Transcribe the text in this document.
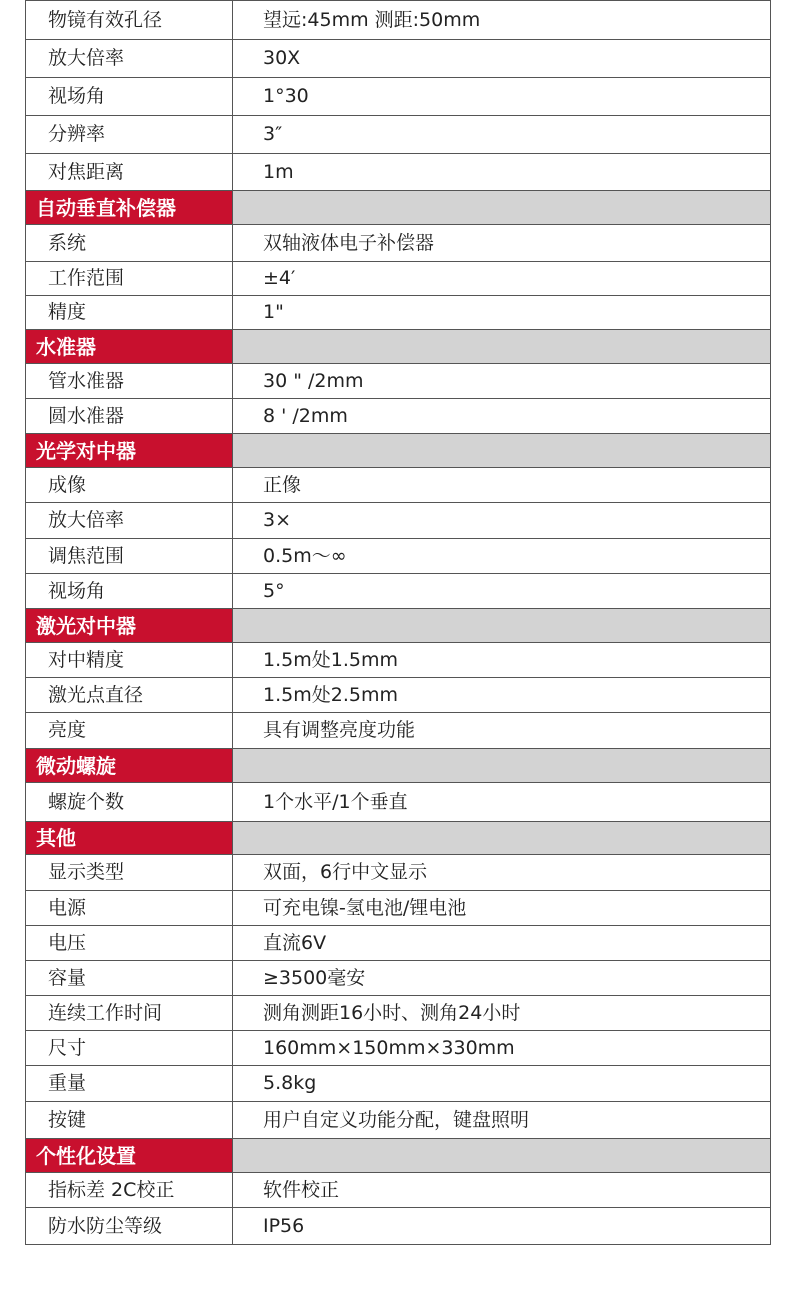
物镜有效孔径	望远:45mm 测距:50mm
放大倍率	30X
视场角	1°30
分辨率	3″
对焦距离	1m
自动垂直补偿器	
系统	双轴液体电子补偿器
工作范围	±4′
精度	1"
水准器	
管水准器	30 " /2mm
圆水准器	8 ' /2mm
光学对中器	
成像	正像
放大倍率	3×
调焦范围	0.5m～∞
视场角	5°
激光对中器	
对中精度	1.5m处1.5mm
激光点直径	1.5m处2.5mm
亮度	具有调整亮度功能
微动螺旋	
螺旋个数	1个水平/1个垂直
其他	
显示类型	双面，6行中文显示
电源	可充电镍-氢电池/锂电池
电压	直流6V
容量	≥3500毫安
连续工作时间	测角测距16小时、测角24小时
尺寸	160mm×150mm×330mm
重量	5.8kg
按键	用户自定义功能分配，键盘照明
个性化设置	
指标差 2C校正	软件校正
防水防尘等级	IP56
